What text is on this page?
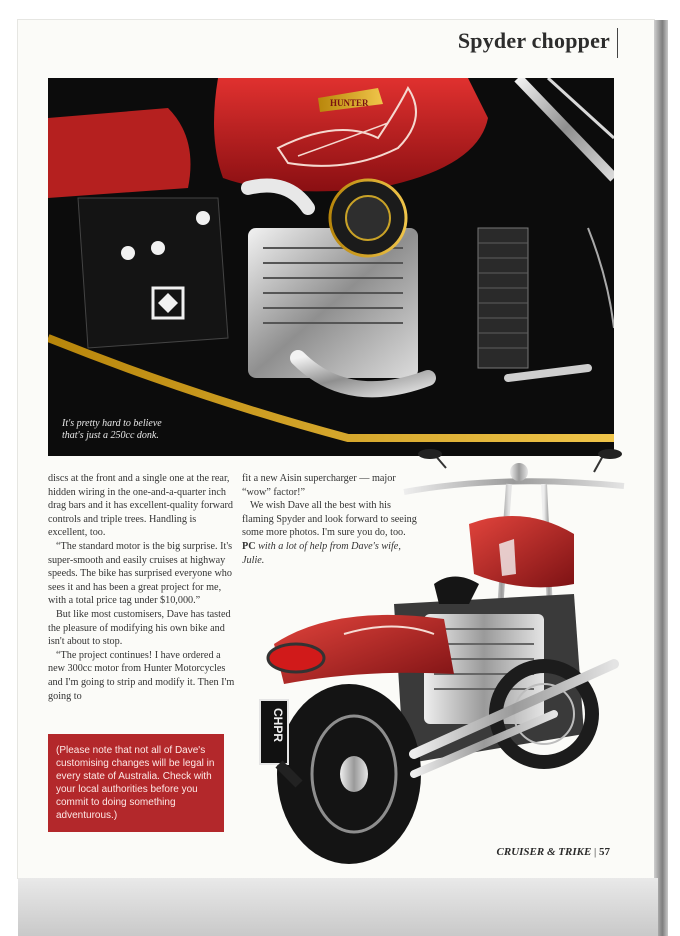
Spyder chopper
HUNTER
It's pretty hard to believe
that's just a 250cc donk.

discs at the front and a single one at the rear, hidden wiring in the one-and-a-quarter inch drag bars and it has excellent-quality forward controls and triple trees. Handling is excellent, too.

“The standard motor is the big surprise. It's super-smooth and easily cruises at highway speeds. The bike has surprised everyone who sees it and has been a great project for me, with a total price tag under $10,000.”

But like most customisers, Dave has tasted the pleasure of modifying his own bike and isn't about to stop.

“The project continues! I have ordered a new 300cc motor from Hunter Motorcycles and I'm going to strip and modify it. Then I'm going to

fit a new Aisin supercharger — major “wow” factor!”

We wish Dave all the best with his flaming Spyder and look forward to seeing some more photos. I'm sure you do, too.

PC with a lot of help from Dave's wife, Julie.

(Please note that not all of Dave's customising changes will be legal in every state of Australia. Check with your local authorities before you commit to doing something adventurous.)
CHPR
CRUISER & TRIKE | 57
